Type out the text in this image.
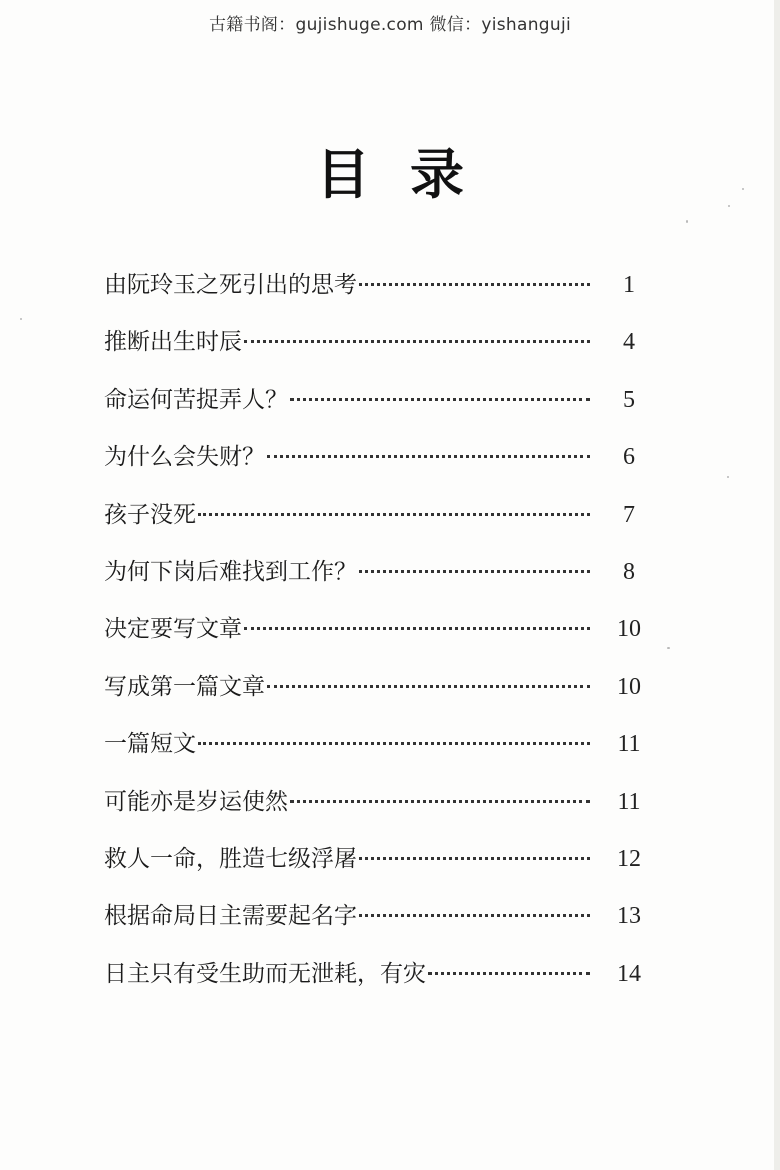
古籍书阁：gujishuge.com 微信：yishanguji
目录
由阮玲玉之死引出的思考	1
推断出生时辰	4
命运何苦捉弄人？	5
为什么会失财？	6
孩子没死	7
为何下岗后难找到工作？	8
决定要写文章	10
写成第一篇文章	10
一篇短文	11
可能亦是岁运使然	11
救人一命，胜造七级浮屠	12
根据命局日主需要起名字	13
日主只有受生助而无泄耗，有灾	14
